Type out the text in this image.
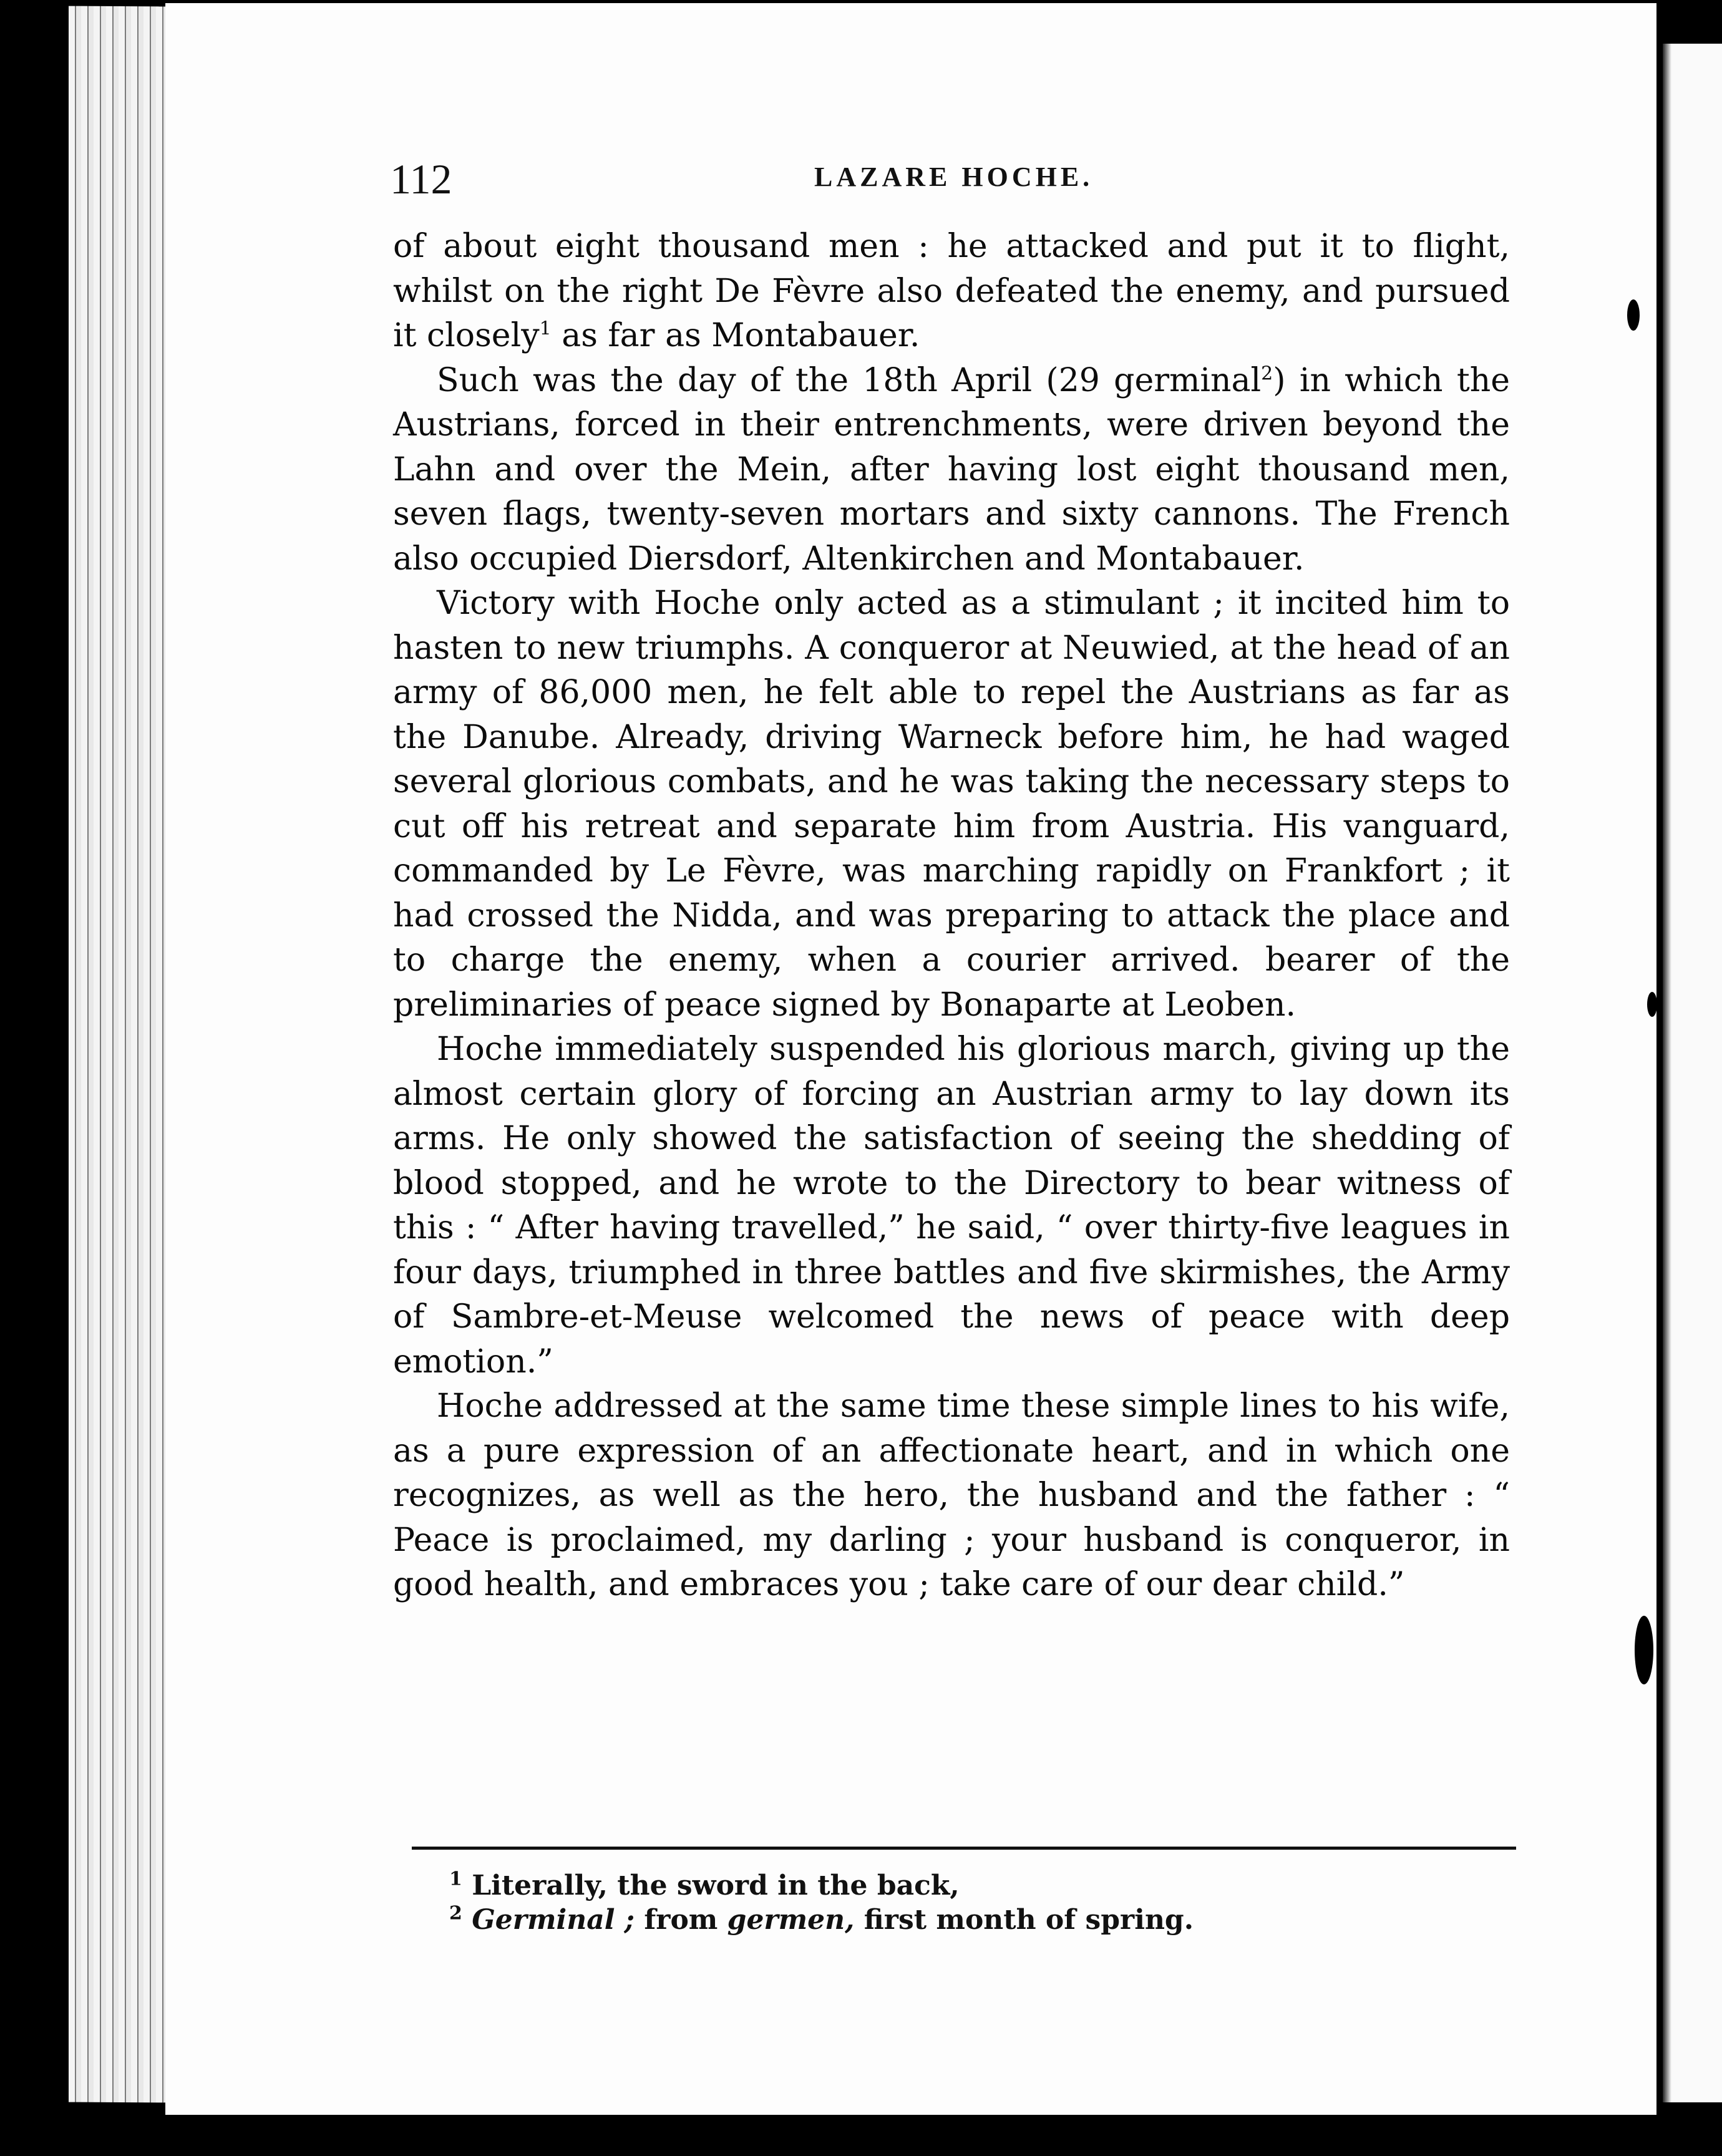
112	LAZARE HOCHE.

of about eight thousand men : he attacked and put it to flight, whilst on the right De Fèvre also defeated the enemy, and pursued it closely$^1$ as far as Montabauer.

Such was the day of the 18th April (29 germinal$^2$) in which the Austrians, forced in their entrenchments, were driven beyond the Lahn and over the Mein, after having lost eight thousand men, seven flags, twenty-seven mortars and sixty cannons. The French also occupied Diersdorf, Altenkirchen and Montabauer.

Victory with Hoche only acted as a stimulant ; it incited him to hasten to new triumphs. A conqueror at Neuwied, at the head of an army of 86,000 men, he felt able to repel the Austrians as far as the Danube. Already, driving Warneck before him, he had waged several glorious combats, and he was taking the necessary steps to cut off his retreat and separate him from Austria. His vanguard, commanded by Le Fèvre, was marching rapidly on Frankfort ; it had crossed the Nidda, and was preparing to attack the place and to charge the enemy, when a courier arrived. bearer of the preliminaries of peace signed by Bonaparte at Leoben.

Hoche immediately suspended his glorious march, giving up the almost certain glory of forcing an Austrian army to lay down its arms. He only showed the satisfaction of seeing the shedding of blood stopped, and he wrote to the Directory to bear witness of this : “ After having travelled,” he said, “ over thirty-five leagues in four days, triumphed in three battles and five skirmishes, the Army of Sambre-et-Meuse welcomed the news of peace with deep emotion.”

Hoche addressed at the same time these simple lines to his wife, as a pure expression of an affectionate heart, and in which one recognizes, as well as the hero, the husband and the father : “ Peace is proclaimed, my darling ; your husband is conqueror, in good health, and embraces you ; take care of our dear child.”

$^1$ Literally, the sword in the back,

$^2$ Germinal ; from germen, first month of spring.
